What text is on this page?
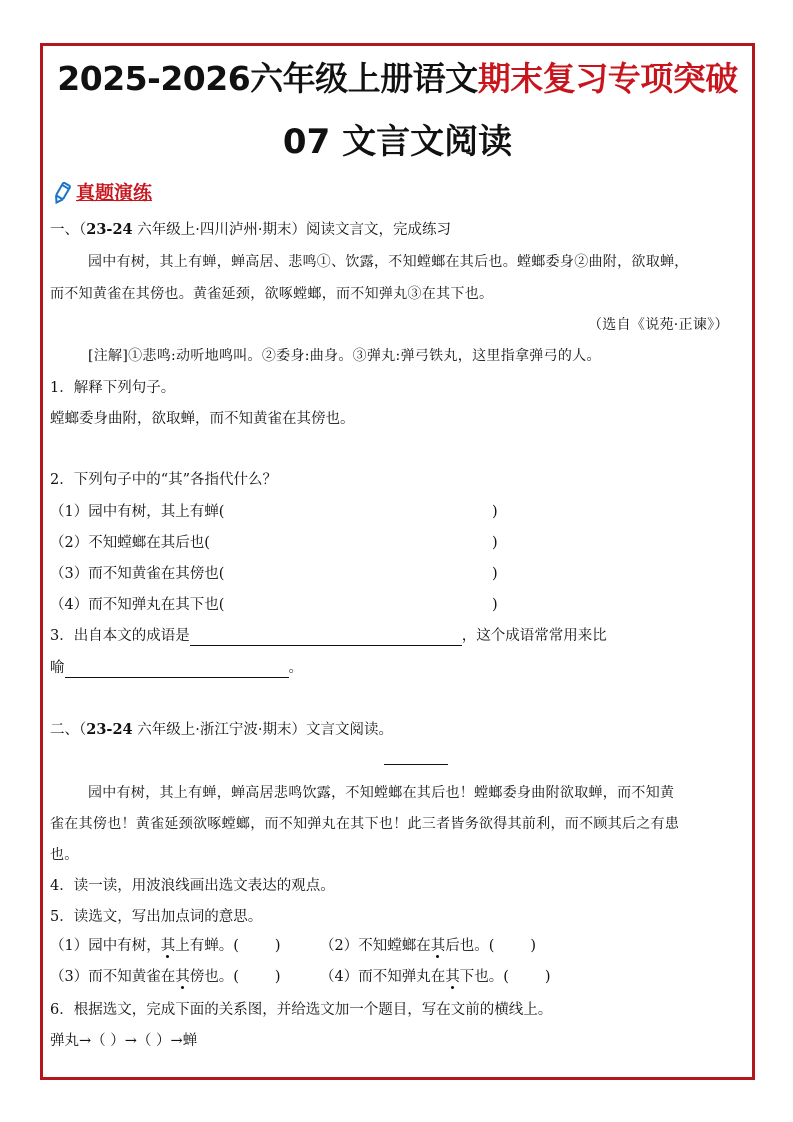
2025-2026六年级上册语文期末复习专项突破
07 文言文阅读
真题演练
一、（23-24 六年级上·四川泸州·期末）阅读文言文，完成练习
园中有树，其上有蝉，蝉高居、悲鸣①、饮露，不知螳螂在其后也。螳螂委身②曲附，欲取蝉，
而不知黄雀在其傍也。黄雀延颈，欲啄螳螂，而不知弹丸③在其下也。
（选自《说苑·正谏》）
[注解]①悲鸣:动听地鸣叫。②委身:曲身。③弹丸:弹弓铁丸，这里指拿弹弓的人。
1．解释下列句子。
螳螂委身曲附，欲取蝉，而不知黄雀在其傍也。
2．下列句子中的“其”各指代什么？
（1）园中有树，其上有蝉(	)
（2）不知螳螂在其后也(	)
（3）而不知黄雀在其傍也(	)
（4）而不知弹丸在其下也(	)
3．出自本文的成语是	，这个成语常常用来比
喻	。
二、（23-24 六年级上·浙江宁波·期末）文言文阅读。
园中有树，其上有蝉，蝉高居悲鸣饮露，不知螳螂在其后也！螳螂委身曲附欲取蝉，而不知黄
雀在其傍也！黄雀延颈欲啄螳螂，而不知弹丸在其下也！此三者皆务欲得其前利，而不顾其后之有患
也。
4．读一读，用波浪线画出选文表达的观点。
5．读选文，写出加点词的意思。
（1）园中有树，其上有蝉。( )	（2）不知螳螂在其后也。( )
（3）而不知黄雀在其傍也。( )	（4）而不知弹丸在其下也。( )
6．根据选文，完成下面的关系图，并给选文加一个题目，写在文前的横线上。
弹丸→（ ）→（ ）→蝉
